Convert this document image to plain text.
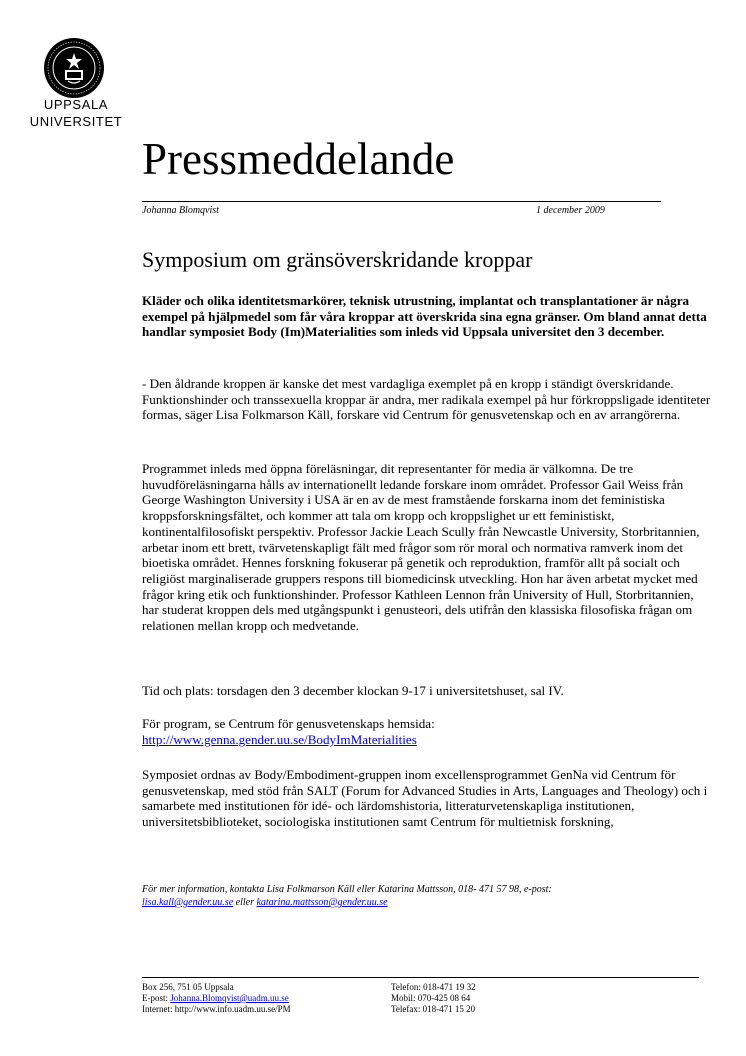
UPPSALA
UNIVERSITET
Pressmeddelande
Johanna Blomqvist	1 december 2009
Symposium om gränsöverskridande kroppar
Kläder och olika identitetsmarkörer, teknisk utrustning, implantat och transplantationer är några exempel på hjälpmedel som får våra kroppar att överskrida sina egna gränser. Om bland annat detta handlar symposiet Body (Im)Materialities som inleds vid Uppsala universitet den 3 december.
- Den åldrande kroppen är kanske det mest vardagliga exemplet på en kropp i ständigt överskridande. Funktionshinder och transsexuella kroppar är andra, mer radikala exempel på hur förkroppsligade identiteter formas, säger Lisa Folkmarson Käll, forskare vid Centrum för genusvetenskap och en av arrangörerna.
Programmet inleds med öppna föreläsningar, dit representanter för media är välkomna. De tre huvudföreläsningarna hålls av internationellt ledande forskare inom området. Professor Gail Weiss från George Washington University i USA är en av de mest framstående forskarna inom det feministiska kroppsforskningsfältet, och kommer att tala om kropp och kroppslighet ur ett feministiskt, kontinentalfilosofiskt perspektiv. Professor Jackie Leach Scully från Newcastle University, Storbritannien, arbetar inom ett brett, tvärvetenskapligt fält med frågor som rör moral och normativa ramverk inom det bioetiska området. Hennes forskning fokuserar på genetik och reproduktion, framför allt på socialt och religiöst marginaliserade gruppers respons till biomedicinsk utveckling. Hon har även arbetat mycket med frågor kring etik och funktionshinder. Professor Kathleen Lennon från University of Hull, Storbritannien, har studerat kroppen dels med utgångspunkt i genusteori, dels utifrån den klassiska filosofiska frågan om relationen mellan kropp och medvetande.
Tid och plats: torsdagen den 3 december klockan 9-17 i universitetshuset, sal IV.
För program, se Centrum för genusvetenskaps hemsida:
http://www.genna.gender.uu.se/BodyImMaterialities
Symposiet ordnas av Body/Embodiment-gruppen inom excellensprogrammet GenNa vid Centrum för genusvetenskap, med stöd från SALT (Forum for Advanced Studies in Arts, Languages and Theology) och i samarbete med institutionen för idé- och lärdomshistoria, litteraturvetenskapliga institutionen, universitetsbiblioteket, sociologiska institutionen samt Centrum för multietnisk forskning,
För mer information, kontakta Lisa Folkmarson Käll eller Katarina Mattsson, 018- 471 57 98, e-post:
lisa.kall@gender.uu.se eller katarina.mattsson@gender.uu.se
Box 256, 751 05 Uppsala
E-post: Johanna.Blomqvist@uadm.uu.se
Internet: http://www.info.uadm.uu.se/PM
Telefon: 018-471 19 32
Mobil: 070-425 08 64
Telefax: 018-471 15 20
